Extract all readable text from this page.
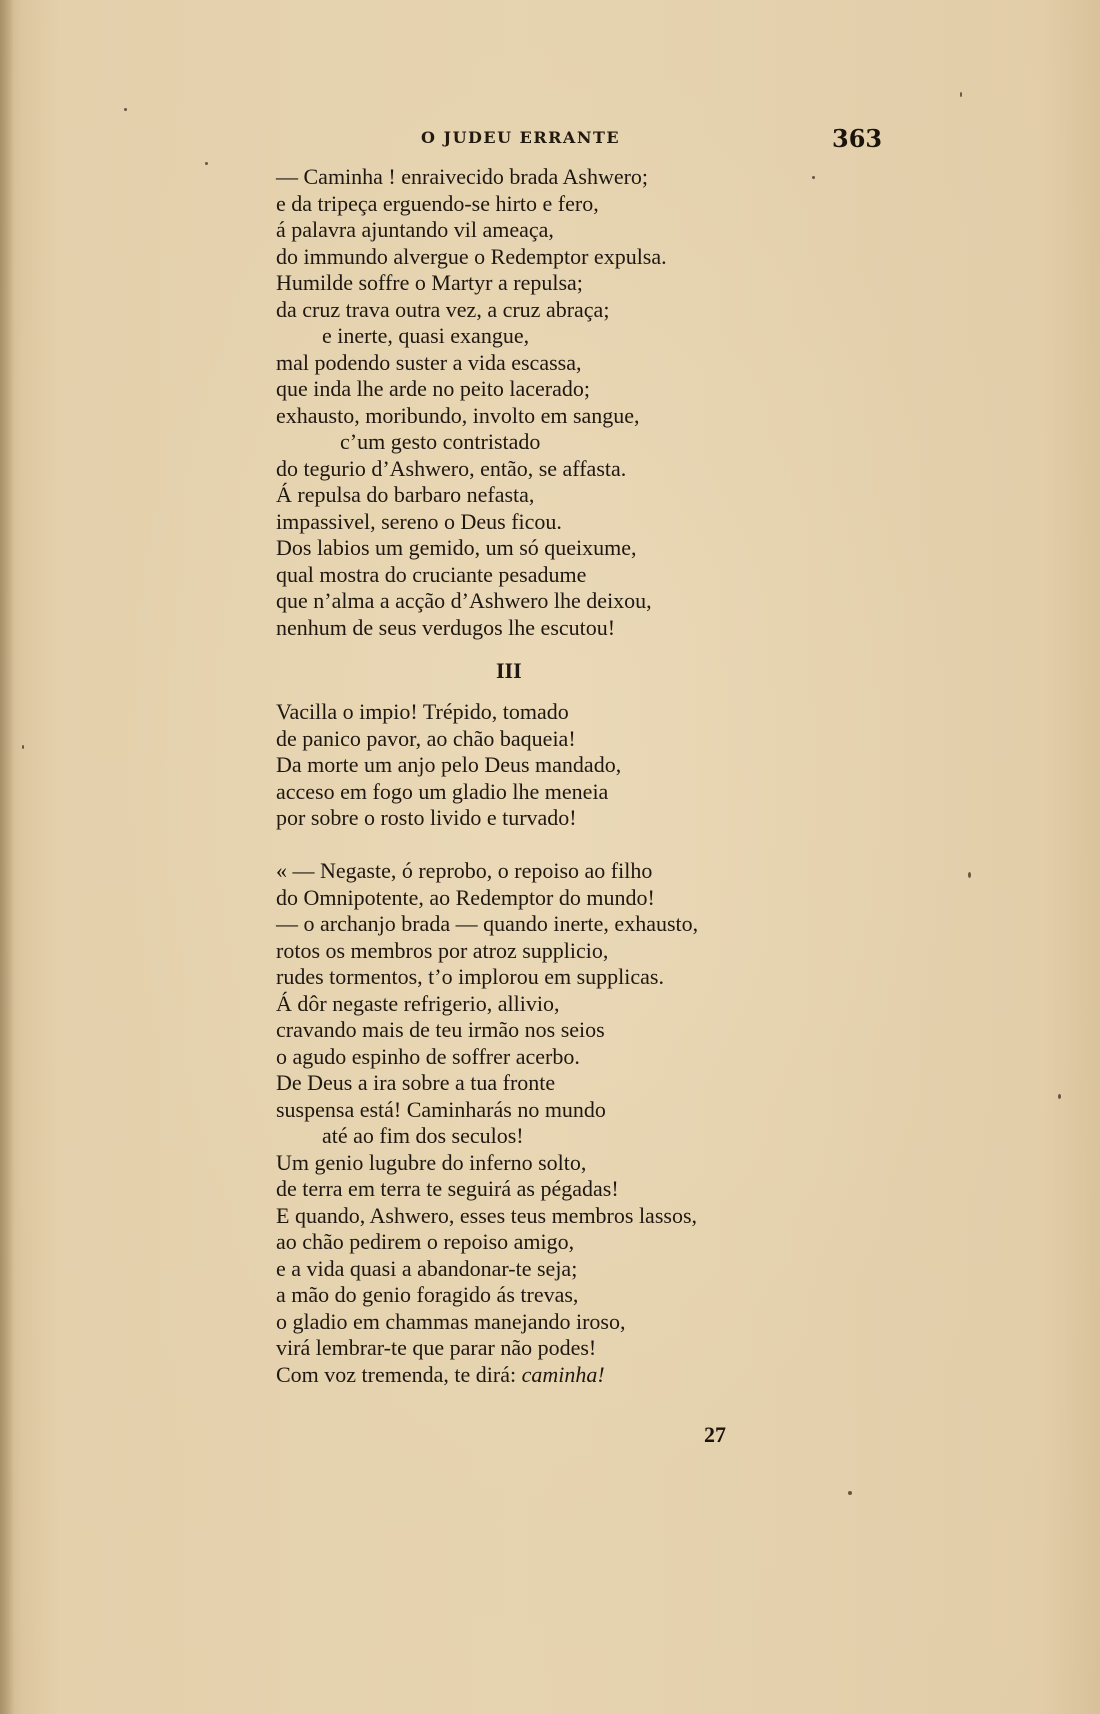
O JUDEU ERRANTE	363
— Caminha ! enraivecido brada Ashwero;
e da tripeça erguendo-se hirto e fero,
á palavra ajuntando vil ameaça,
do immundo alvergue o Redemptor expulsa.
Humilde soffre o Martyr a repulsa;
da cruz trava outra vez, a cruz abraça;
e inerte, quasi exangue,
mal podendo suster a vida escassa,
que inda lhe arde no peito lacerado;
exhausto, moribundo, involto em sangue,
c’um gesto contristado
do tegurio d’Ashwero, então, se affasta.
Á repulsa do barbaro nefasta,
impassivel, sereno o Deus ficou.
Dos labios um gemido, um só queixume,
qual mostra do cruciante pesadume
que n’alma a acção d’Ashwero lhe deixou,
nenhum de seus verdugos lhe escutou!
III
Vacilla o impio! Trépido, tomado
de panico pavor, ao chão baqueia!
Da morte um anjo pelo Deus mandado,
acceso em fogo um gladio lhe meneia
por sobre o rosto livido e turvado!
« — Negaste, ó reprobo, o repoiso ao filho
do Omnipotente, ao Redemptor do mundo!
— o archanjo brada — quando inerte, exhausto,
rotos os membros por atroz supplicio,
rudes tormentos, t’o implorou em supplicas.
Á dôr negaste refrigerio, allivio,
cravando mais de teu irmão nos seios
o agudo espinho de soffrer acerbo.
De Deus a ira sobre a tua fronte
suspensa está! Caminharás no mundo
até ao fim dos seculos!
Um genio lugubre do inferno solto,
de terra em terra te seguirá as pégadas!
E quando, Ashwero, esses teus membros lassos,
ao chão pedirem o repoiso amigo,
e a vida quasi a abandonar-te seja;
a mão do genio foragido ás trevas,
o gladio em chammas manejando iroso,
virá lembrar-te que parar não podes!
Com voz tremenda, te dirá: caminha!
27
